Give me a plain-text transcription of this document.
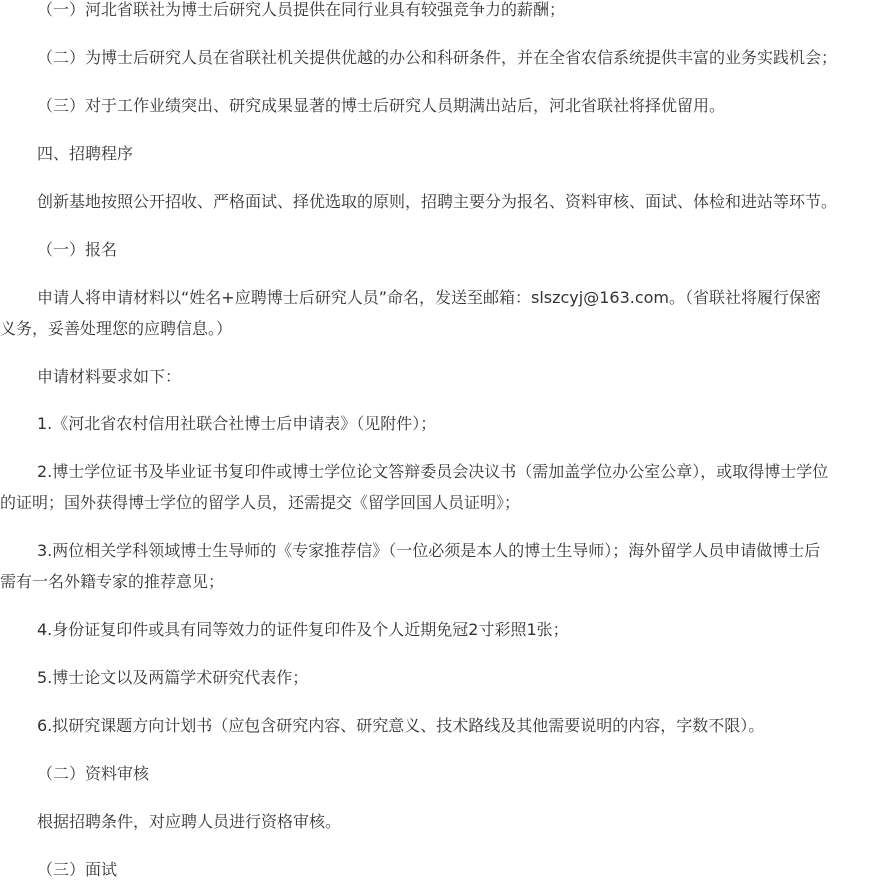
（一）河北省联社为博士后研究人员提供在同行业具有较强竞争力的薪酬；

（二）为博士后研究人员在省联社机关提供优越的办公和科研条件，并在全省农信系统提供丰富的业务实践机会；

（三）对于工作业绩突出、研究成果显著的博士后研究人员期满出站后，河北省联社将择优留用。

四、招聘程序

创新基地按照公开招收、严格面试、择优选取的原则，招聘主要分为报名、资料审核、面试、体检和进站等环节。

（一）报名

申请人将申请材料以“姓名+应聘博士后研究人员”命名，发送至邮箱：slszcyj@163.com。（省联社将履行保密
义务，妥善处理您的应聘信息。）

申请材料要求如下：

1.《河北省农村信用社联合社博士后申请表》（见附件）；

2.博士学位证书及毕业证书复印件或博士学位论文答辩委员会决议书（需加盖学位办公室公章），或取得博士学位
的证明；国外获得博士学位的留学人员，还需提交《留学回国人员证明》；

3.两位相关学科领域博士生导师的《专家推荐信》（一位必须是本人的博士生导师）；海外留学人员申请做博士后
需有一名外籍专家的推荐意见；

4.身份证复印件或具有同等效力的证件复印件及个人近期免冠2寸彩照1张；

5.博士论文以及两篇学术研究代表作；

6.拟研究课题方向计划书（应包含研究内容、研究意义、技术路线及其他需要说明的内容，字数不限）。

（二）资料审核

根据招聘条件，对应聘人员进行资格审核。

（三）面试
